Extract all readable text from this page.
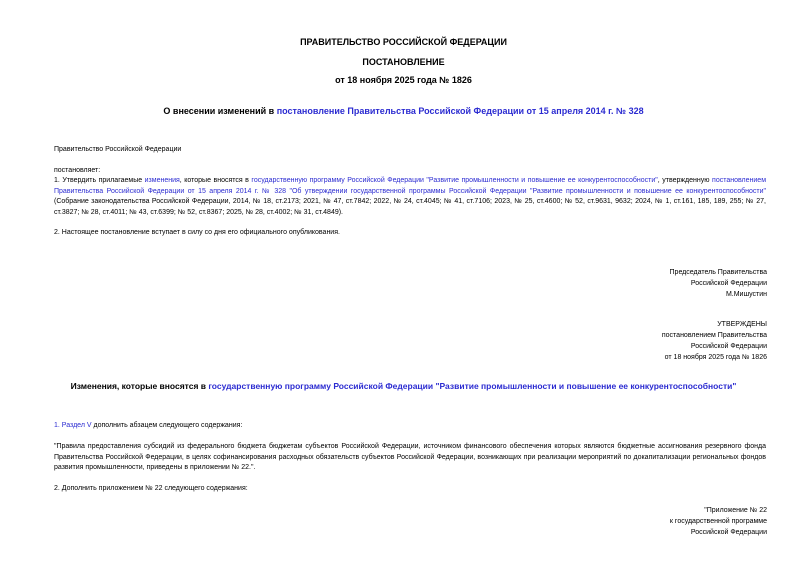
ПРАВИТЕЛЬСТВО РОССИЙСКОЙ ФЕДЕРАЦИИ
ПОСТАНОВЛЕНИЕ
от 18 ноября 2025 года № 1826
О внесении изменений в постановление Правительства Российской Федерации от 15 апреля 2014 г. № 328
Правительство Российской Федерации
постановляет:
1. Утвердить прилагаемые изменения, которые вносятся в государственную программу Российской Федерации "Развитие промышленности и повышение ее конкурентоспособности", утвержденную постановлением Правительства Российской Федерации от 15 апреля 2014 г. № 328 "Об утверждении государственной программы Российской Федерации "Развитие промышленности и повышение ее конкурентоспособности" (Собрание законодательства Российской Федерации, 2014, № 18, ст.2173; 2021, № 47, ст.7842; 2022, № 24, ст.4045; № 41, ст.7106; 2023, № 25, ст.4600; № 52, ст.9631, 9632; 2024, № 1, ст.161, 185, 189, 255; № 27, ст.3827; № 28, ст.4011; № 43, ст.6399; № 52, ст.8367; 2025, № 28, ст.4002; № 31, ст.4849).
2. Настоящее постановление вступает в силу со дня его официального опубликования.
Председатель Правительства
Российской Федерации
М.Мишустин
УТВЕРЖДЕНЫ
постановлением Правительства
Российской Федерации
от 18 ноября 2025 года № 1826
Изменения, которые вносятся в государственную программу Российской Федерации "Развитие промышленности и повышение ее конкурентоспособности"
1. Раздел V дополнить абзацем следующего содержания:
"Правила предоставления субсидий из федерального бюджета бюджетам субъектов Российской Федерации, источником финансового обеспечения которых являются бюджетные ассигнования резервного фонда Правительства Российской Федерации, в целях софинансирования расходных обязательств субъектов Российской Федерации, возникающих при реализации мероприятий по докапитализации региональных фондов развития промышленности, приведены в приложении № 22.".
2. Дополнить приложением № 22 следующего содержания:
"Приложение № 22
к государственной программе
Российской Федерации
